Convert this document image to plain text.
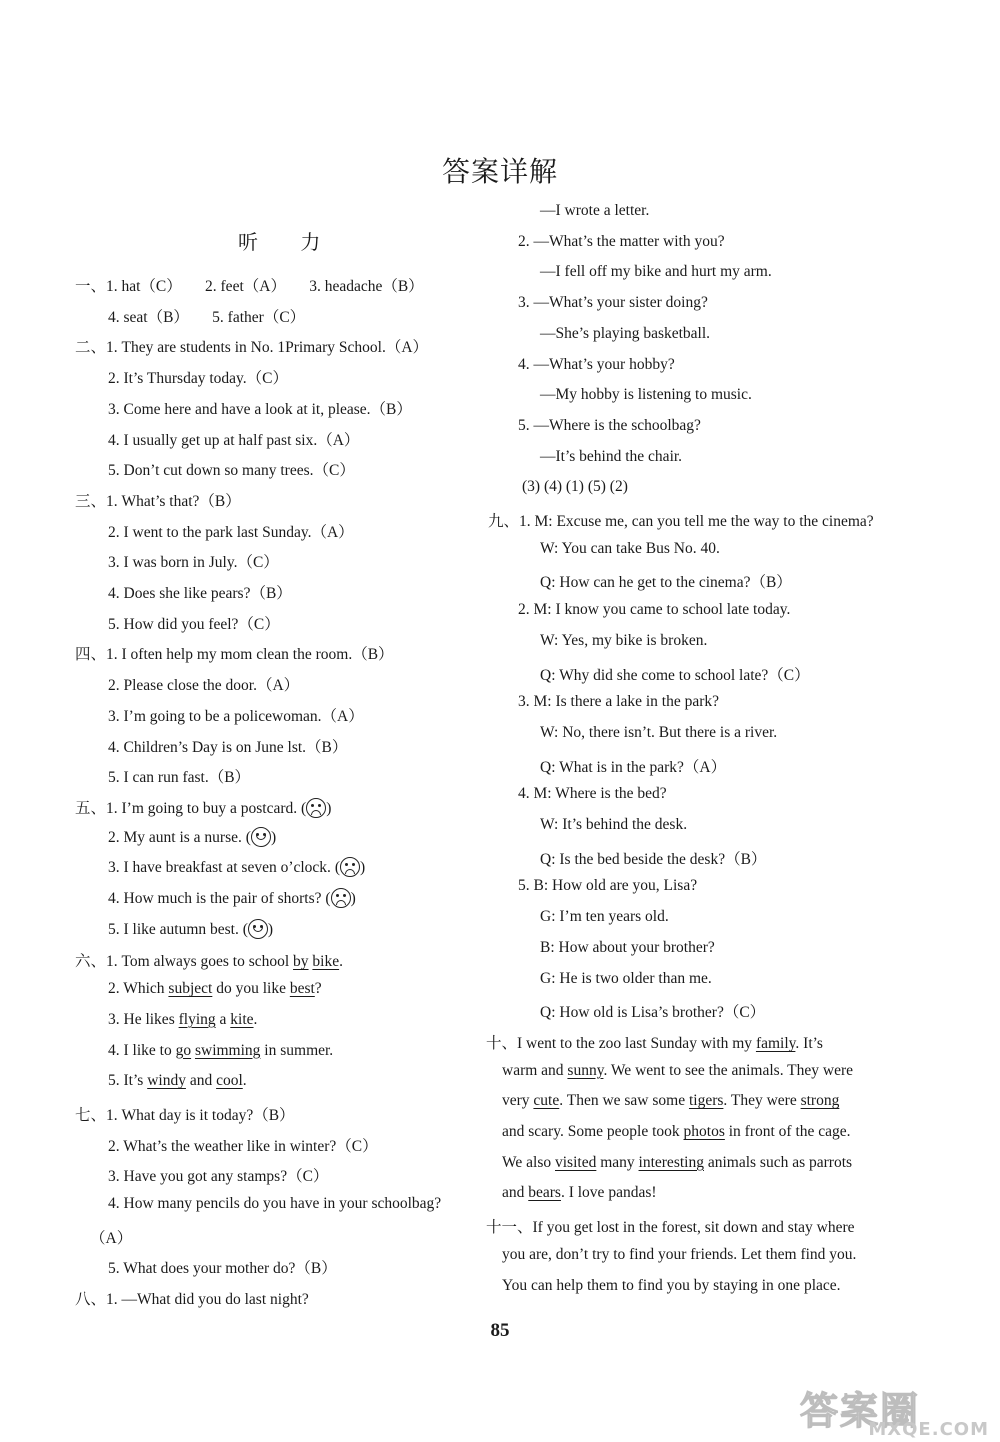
答案详解
听 力
一、1. hat（C）　　2. feet（A）　　3. headache（B）
4. seat（B）　　5. father（C）
二、1. They are students in No. 1Primary School.（A）
2. It’s Thursday today.（C）
3. Come here and have a look at it, please.（B）
4. I usually get up at half past six.（A）
5. Don’t cut down so many trees.（C）
三、1. What’s that?（B）
2. I went to the park last Sunday.（A）
3. I was born in July.（C）
4. Does she like pears?（B）
5. How did you feel?（C）
四、1. I often help my mom clean the room.（B）
2. Please close the door.（A）
3. I’m going to be a policewoman.（A）
4. Children’s Day is on June lst.（B）
5. I can run fast.（B）
五、1. I’m going to buy a postcard. ( )
2. My aunt is a nurse. ( )
3. I have breakfast at seven o’clock. ( )
4. How much is the pair of shorts? ( )
5. I like autumn best. ( )
六、1. Tom always goes to school by bike.
2. Which subject do you like best?
3. He likes flying a kite.
4. I like to go swimming in summer.
5. It’s windy and cool.
七、1. What day is it today?（B）
2. What’s the weather like in winter?（C）
3. Have you got any stamps?（C）
4. How many pencils do you have in your schoolbag?
（A）
5. What does your mother do?（B）
八、1. —What did you do last night?
—I wrote a letter.
2. —What’s the matter with you?
—I fell off my bike and hurt my arm.
3. —What’s your sister doing?
—She’s playing basketball.
4. —What’s your hobby?
—My hobby is listening to music.
5. —Where is the schoolbag?
—It’s behind the chair.
(3) (4) (1) (5) (2)
九、1. M: Excuse me, can you tell me the way to the cinema?
W: You can take Bus No. 40.
Q: How can he get to the cinema?（B）
2. M: I know you came to school late today.
W: Yes, my bike is broken.
Q: Why did she come to school late?（C）
3. M: Is there a lake in the park?
W: No, there isn’t. But there is a river.
Q: What is in the park?（A）
4. M: Where is the bed?
W: It’s behind the desk.
Q: Is the bed beside the desk?（B）
5. B: How old are you, Lisa?
G: I’m ten years old.
B: How about your brother?
G: He is two older than me.
Q: How old is Lisa’s brother?（C）
十、I went to the zoo last Sunday with my family. It’s
warm and sunny. We went to see the animals. They were
very cute. Then we saw some tigers. They were strong
and scary. Some people took photos in front of the cage.
We also visited many interesting animals such as parrots
and bears. I love pandas!
十一、If you get lost in the forest, sit down and stay where
you are, don’t try to find your friends. Let them find you.
You can help them to find you by staying in one place.
85
答案圈
MXQE.COM
